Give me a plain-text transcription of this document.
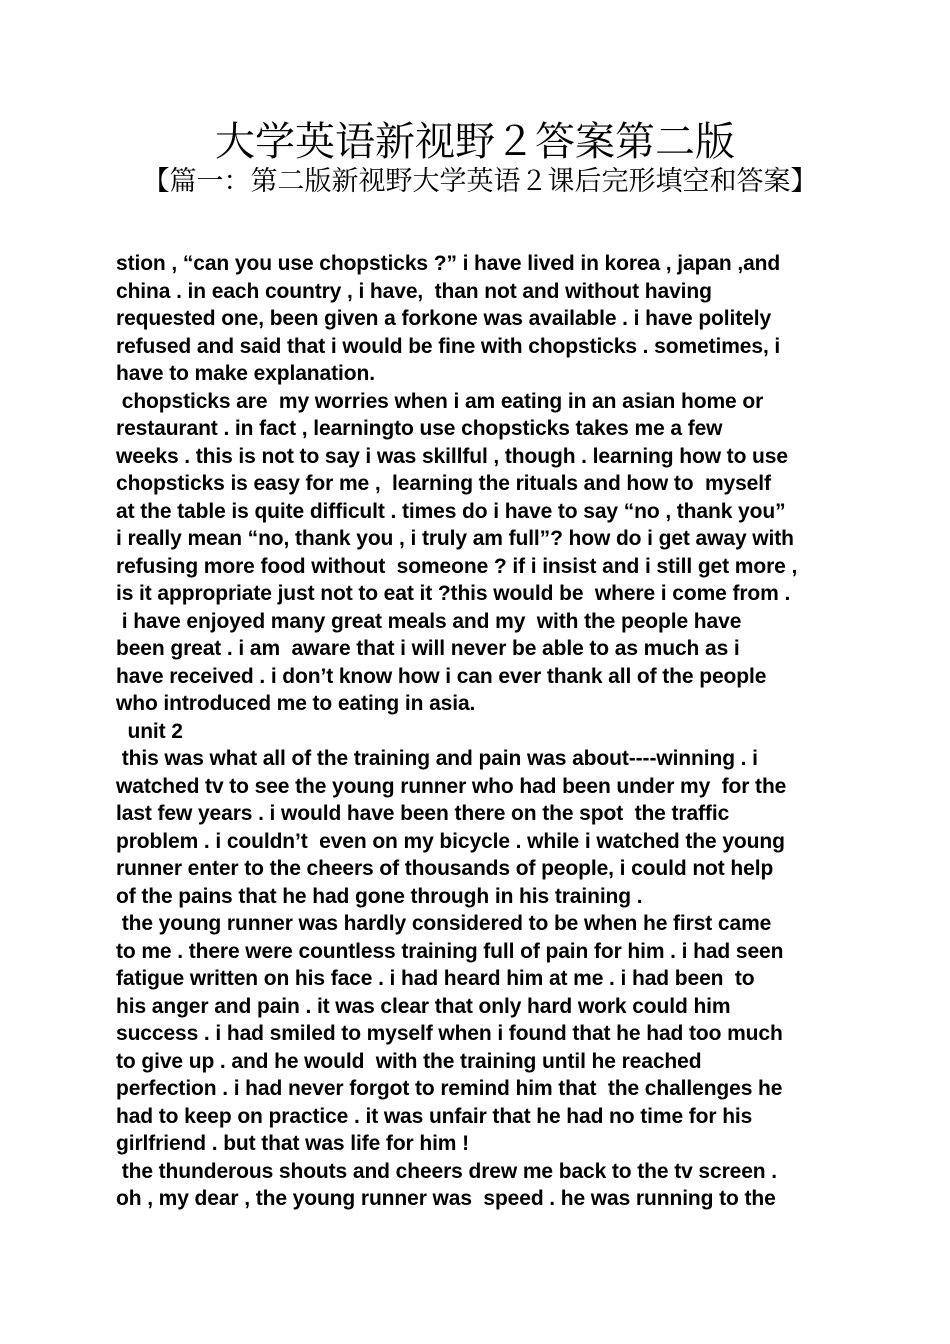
大学英语新视野２答案第二版
【篇一：第二版新视野大学英语２课后完形填空和答案】
stion , “can you use chopsticks ?” i have lived in korea , japan ,and
china . in each country , i have,  than not and without having
requested one, been given a forkone was available . i have politely
refused and said that i would be fine with chopsticks . sometimes, i
have to make explanation.
chopsticks are  my worries when i am eating in an asian home or
restaurant . in fact , learningto use chopsticks takes me a few
weeks . this is not to say i was skillful , though . learning how to use
chopsticks is easy for me ,  learning the rituals and how to  myself
at the table is quite difficult . times do i have to say “no , thank you”
i really mean “no, thank you , i truly am full”? how do i get away with
refusing more food without  someone ? if i insist and i still get more ,
is it appropriate just not to eat it ?this would be  where i come from .
i have enjoyed many great meals and my  with the people have
been great . i am  aware that i will never be able to as much as i
have received . i don’t know how i can ever thank all of the people
who introduced me to eating in asia.
unit 2
this was what all of the training and pain was about----winning . i
watched tv to see the young runner who had been under my  for the
last few years . i would have been there on the spot  the traffic
problem . i couldn’t  even on my bicycle . while i watched the young
runner enter to the cheers of thousands of people, i could not help
of the pains that he had gone through in his training .
the young runner was hardly considered to be when he first came
to me . there were countless training full of pain for him . i had seen
fatigue written on his face . i had heard him at me . i had been  to
his anger and pain . it was clear that only hard work could him
success . i had smiled to myself when i found that he had too much
to give up . and he would  with the training until he reached
perfection . i had never forgot to remind him that  the challenges he
had to keep on practice . it was unfair that he had no time for his
girlfriend . but that was life for him !
the thunderous shouts and cheers drew me back to the tv screen .
oh , my dear , the young runner was  speed . he was running to the
